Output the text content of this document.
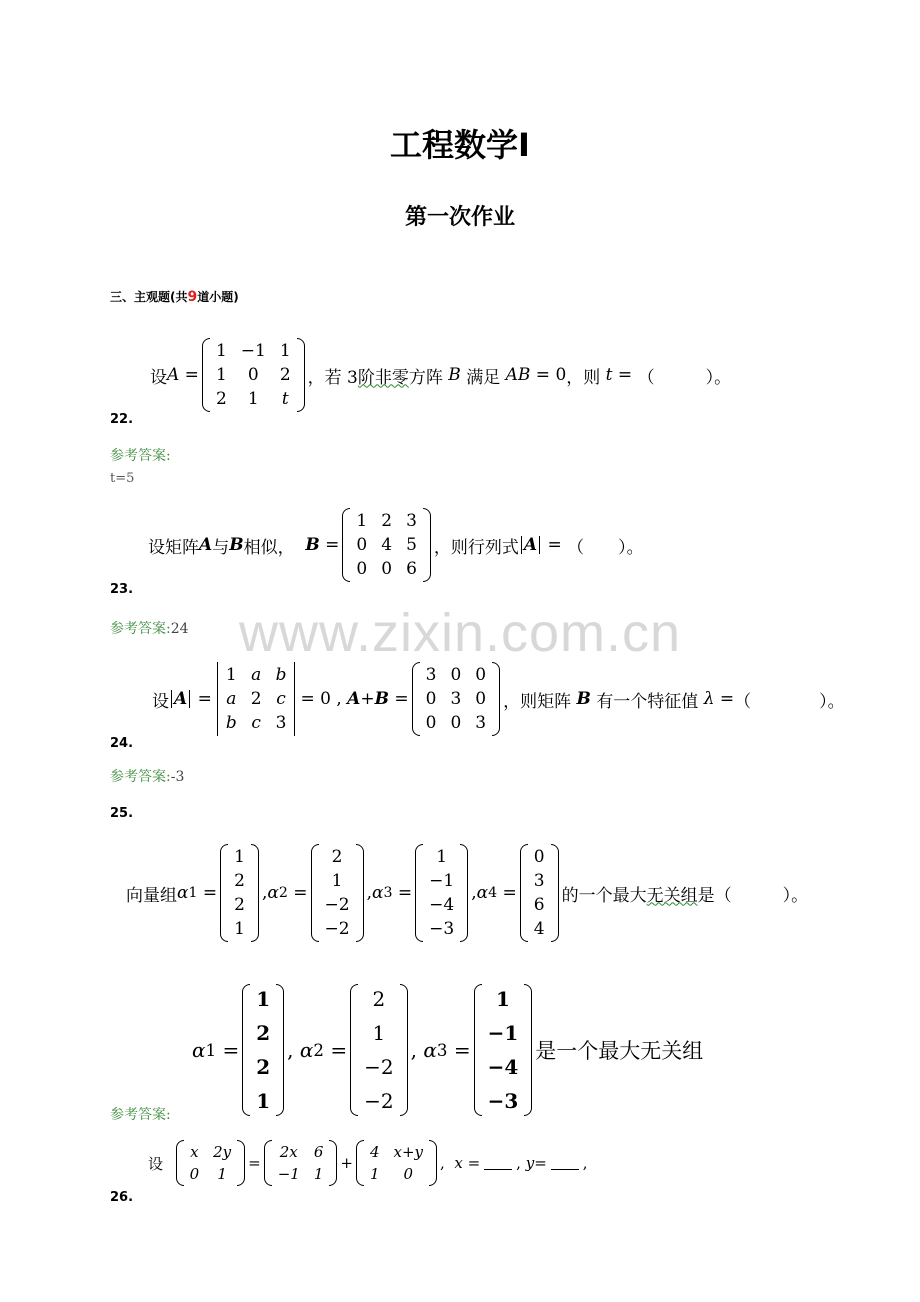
工程数学Ⅰ
第一次作业
三、主观题(共9道小题)
www.zixin.com.cn
设 A =
1 −1 1
1	0	2
2	1	t
，若 3 阶非零 方阵
B
满足
AB = 0 ，则
t = （　　　）。
22.
参考答案:
t=5
设矩阵 A 与 B 相似，
B =
1 2 3
0 4 5
0 0 6
，则行列式 A = （　　）。
23.
参考答案:24
设 A =
1 a b
a 2 c
b c 3
= 0 , A + B =
3 0 0
0 3 0
0 0 3
，则矩阵
B
有一个特征值
λ = （　　　　）。
24.
参考答案:-3
25.
向量组 α 1 =
1
2
2
1
, α 2 =
2
1
−2
−2
, α 3 =
1
−1
−4
−3
, α 4 =
0
3
6
4
的一个最大 无关组 是（　　　）。
α 1 =
1
2
2
1
, α 2 =
2
1
−2
−2
, α 3 =
1
−1
−4
−3
是一个最大无关组
参考答案:
设

x 2y
0 1
=
2x 6
−1 1
+
4 x+y
1	0
, x = , y = ,
26.
